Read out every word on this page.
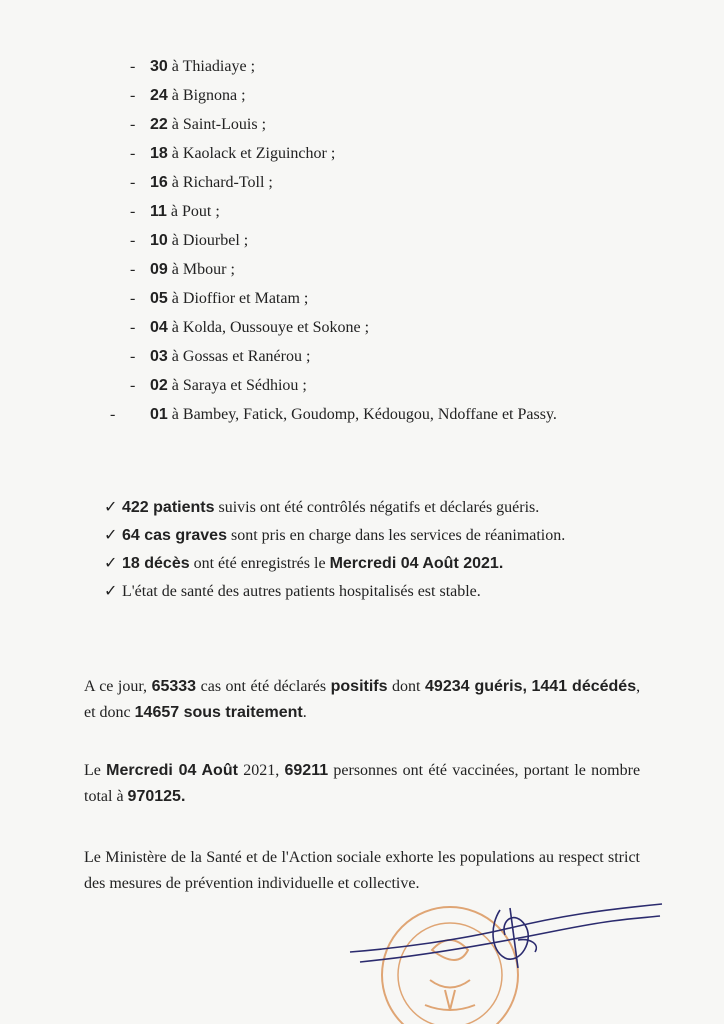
- 30 à Thiadiaye ;
- 24 à Bignona ;
- 22 à Saint-Louis ;
- 18 à Kaolack et Ziguinchor ;
- 16 à Richard-Toll ;
- 11 à Pout ;
- 10 à Diourbel ;
- 09 à Mbour ;
- 05 à Dioffior et Matam ;
- 04 à Kolda, Oussouye et Sokone ;
- 03 à Gossas et Ranérou ;
- 02 à Saraya et Sédhiou ;
- 01 à Bambey, Fatick, Goudomp, Kédougou, Ndoffane et Passy.
✓ 422 patients suivis ont été contrôlés négatifs et déclarés guéris.
✓ 64 cas graves sont pris en charge dans les services de réanimation.
✓ 18 décès ont été enregistrés le Mercredi 04 Août 2021.
✓ L'état de santé des autres patients hospitalisés est stable.

A ce jour, 65333 cas ont été déclarés positifs dont 49234 guéris, 1441 décédés, et donc 14657 sous traitement.

Le Mercredi 04 Août 2021, 69211 personnes ont été vaccinées, portant le nombre total à 970125.

Le Ministère de la Santé et de l'Action sociale exhorte les populations au respect strict des mesures de prévention individuelle et collective.
